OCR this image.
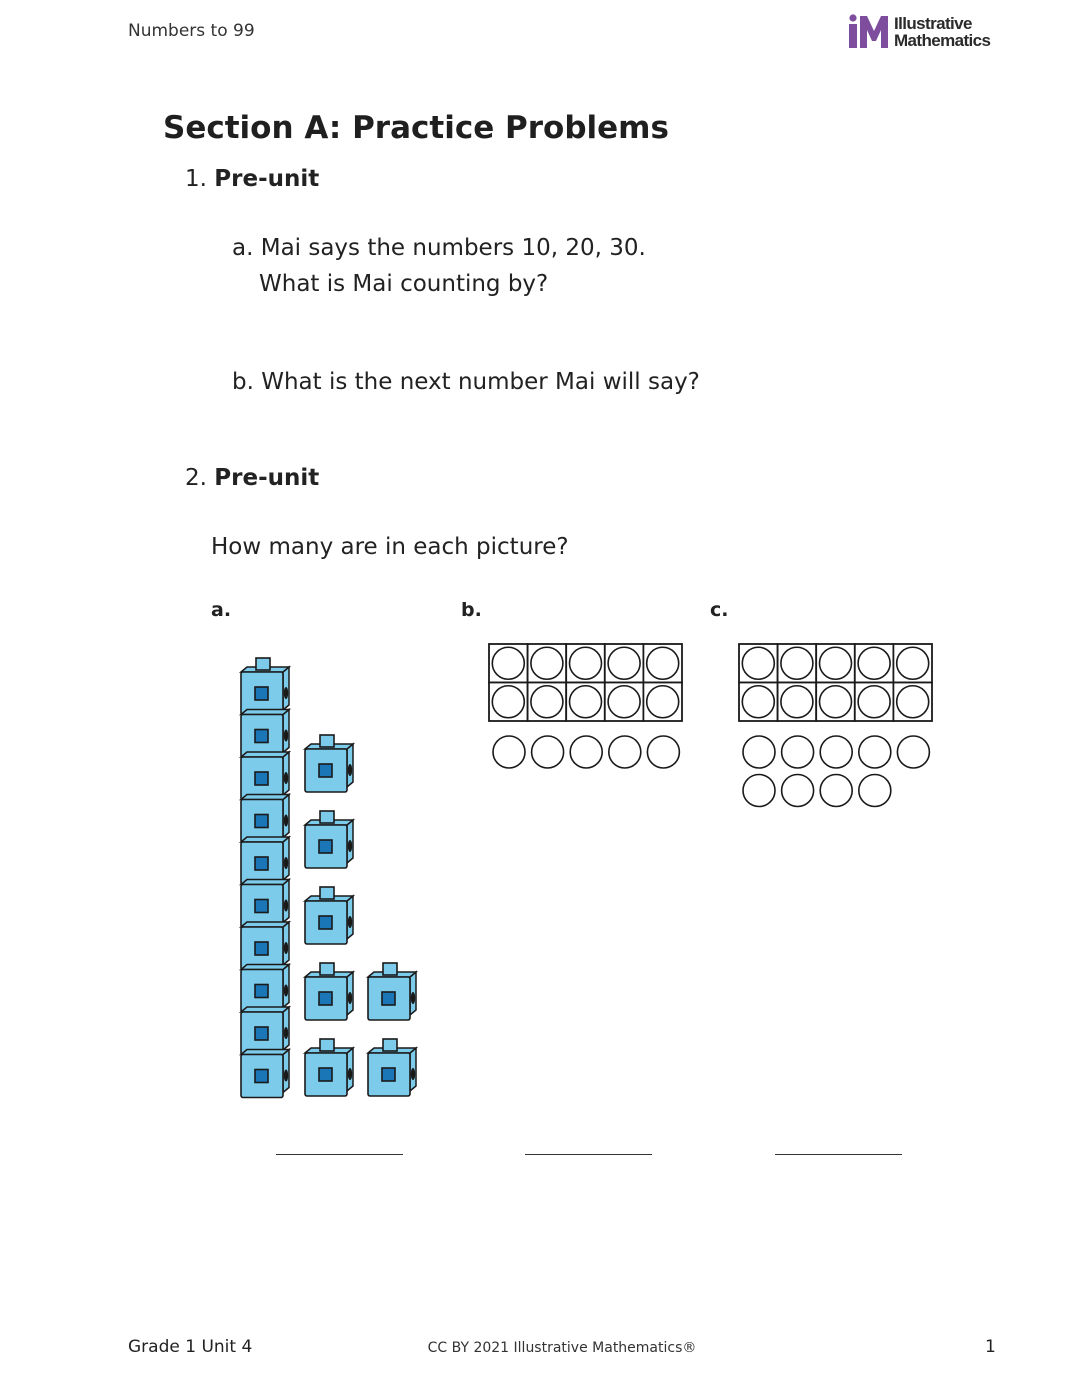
Numbers to 99	Illustrative
Mathematics
Section A: Practice Problems
1. Pre-unit
a. Mai says the numbers 10, 20, 30.
What is Mai counting by?
b. What is the next number Mai will say?
2. Pre-unit
How many are in each picture?
a.	b.	c.
Grade 1 Unit 4	CC BY 2021 Illustrative Mathematics®	1
